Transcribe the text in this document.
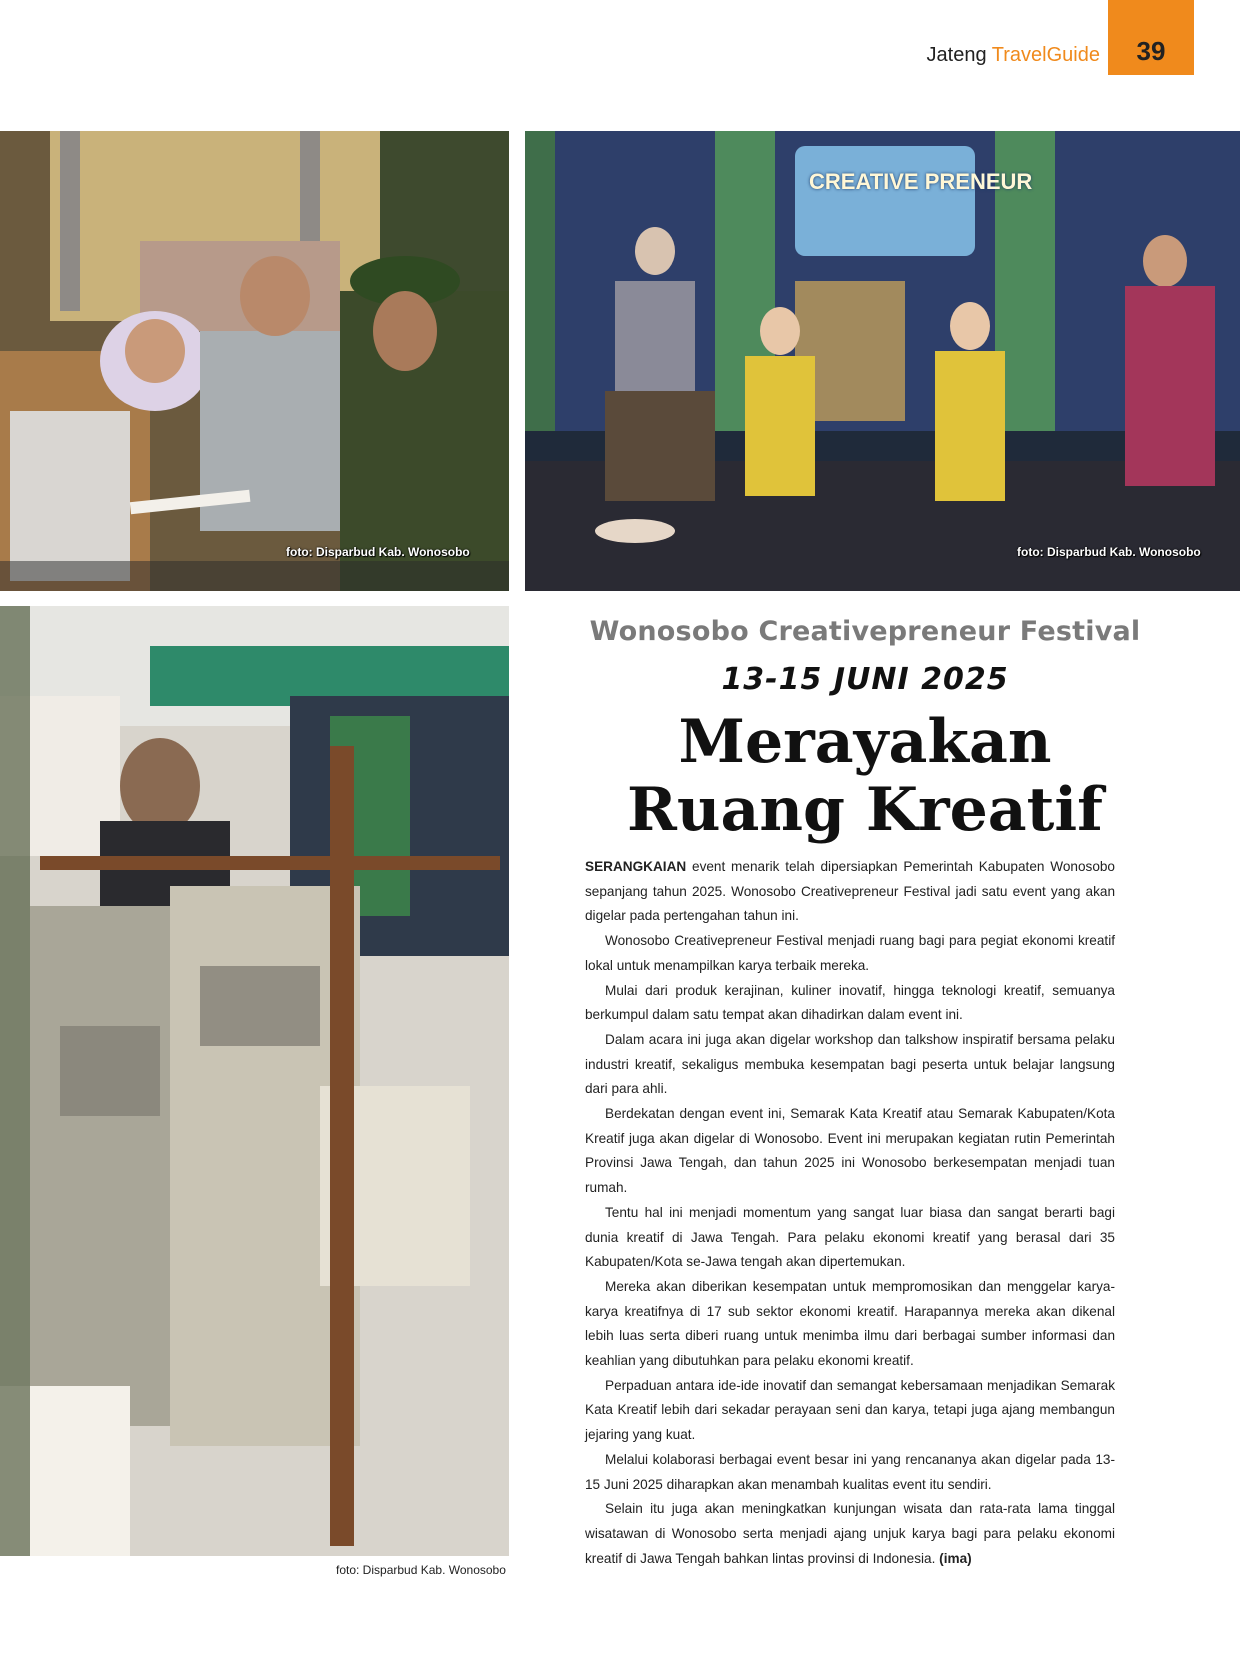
Jateng TravelGuide	39
foto: Disparbud Kab. Wonosobo
CREATIVE PRENEUR
foto: Disparbud Kab. Wonosobo
foto: Disparbud Kab. Wonosobo
Wonosobo Creativepreneur Festival
13-15 JUNI 2025
Merayakan
Ruang Kreatif

SERANGKAIAN event menarik telah dipersiapkan Pemerintah Kabupaten Wonosobo sepanjang tahun 2025. Wonosobo Creativepreneur Festival jadi satu event yang akan digelar pada pertengahan tahun ini.

Wonosobo Creativepreneur Festival menjadi ruang bagi para pegiat ekonomi kreatif lokal untuk menampilkan karya terbaik mereka.

Mulai dari produk kerajinan, kuliner inovatif, hingga teknologi kreatif, semuanya berkumpul dalam satu tempat akan dihadirkan dalam event ini.

Dalam acara ini juga akan digelar workshop dan talkshow inspiratif bersama pelaku industri kreatif, sekaligus membuka kesempatan bagi peserta untuk belajar langsung dari para ahli.

Berdekatan dengan event ini, Semarak Kata Kreatif atau Semarak Kabupaten/Kota Kreatif juga akan digelar di Wonosobo. Event ini merupakan kegiatan rutin Pemerintah Provinsi Jawa Tengah, dan tahun 2025 ini Wonosobo berkesempatan menjadi tuan rumah.

Tentu hal ini menjadi momentum yang sangat luar biasa dan sangat berarti bagi dunia kreatif di Jawa Tengah. Para pelaku ekonomi kreatif yang berasal dari 35 Kabupaten/Kota se-Jawa tengah akan dipertemukan.

Mereka akan diberikan kesempatan untuk mempromosikan dan menggelar karya-karya kreatifnya di 17 sub sektor ekonomi kreatif. Harapannya mereka akan dikenal lebih luas serta diberi ruang untuk menimba ilmu dari berbagai sumber informasi dan keahlian yang dibutuhkan para pelaku ekonomi kreatif.

Perpaduan antara ide-ide inovatif dan semangat kebersamaan menjadikan Semarak Kata Kreatif lebih dari sekadar perayaan seni dan karya, tetapi juga ajang membangun jejaring yang kuat.

Melalui kolaborasi berbagai event besar ini yang rencananya akan digelar pada 13-15 Juni 2025 diharapkan akan menambah kualitas event itu sendiri.

Selain itu juga akan meningkatkan kunjungan wisata dan rata-rata lama tinggal wisatawan di Wonosobo serta menjadi ajang unjuk karya bagi para pelaku ekonomi kreatif di Jawa Tengah bahkan lintas provinsi di Indonesia. (ima)
